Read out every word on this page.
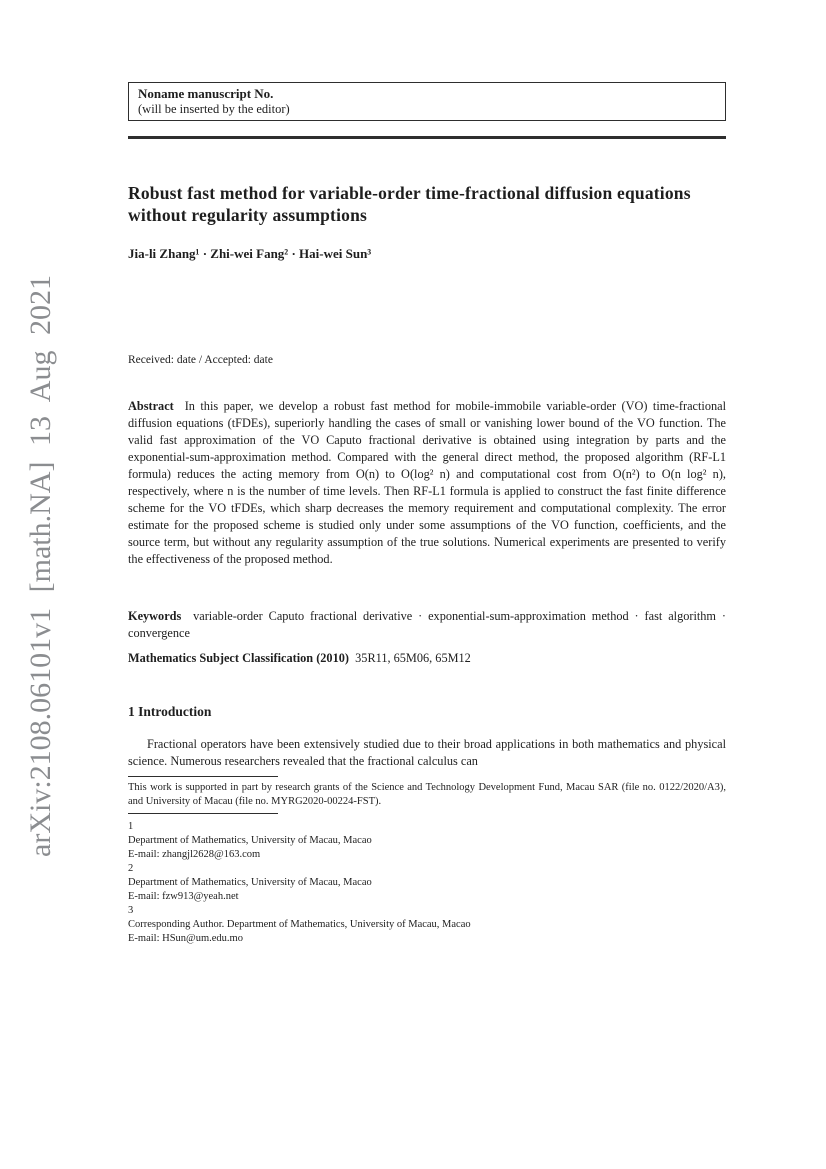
arXiv:2108.06101v1 [math.NA] 13 Aug 2021
Noname manuscript No.
(will be inserted by the editor)
Robust fast method for variable-order time-fractional diffusion equations without regularity assumptions
Jia-li Zhang¹ · Zhi-wei Fang² · Hai-wei Sun³
Received: date / Accepted: date
Abstract In this paper, we develop a robust fast method for mobile-immobile variable-order (VO) time-fractional diffusion equations (tFDEs), superiorly handling the cases of small or vanishing lower bound of the VO function. The valid fast approximation of the VO Caputo fractional derivative is obtained using integration by parts and the exponential-sum-approximation method. Compared with the general direct method, the proposed algorithm (RF-L1 formula) reduces the acting memory from O(n) to O(log² n) and computational cost from O(n²) to O(n log² n), respectively, where n is the number of time levels. Then RF-L1 formula is applied to construct the fast finite difference scheme for the VO tFDEs, which sharp decreases the memory requirement and computational complexity. The error estimate for the proposed scheme is studied only under some assumptions of the VO function, coefficients, and the source term, but without any regularity assumption of the true solutions. Numerical experiments are presented to verify the effectiveness of the proposed method.
Keywords variable-order Caputo fractional derivative · exponential-sum-approximation method · fast algorithm · convergence
Mathematics Subject Classification (2010) 35R11, 65M06, 65M12
1 Introduction
Fractional operators have been extensively studied due to their broad applications in both mathematics and physical science. Numerous researchers revealed that the fractional calculus can
This work is supported in part by research grants of the Science and Technology Development Fund, Macau SAR (file no. 0122/2020/A3), and University of Macau (file no. MYRG2020-00224-FST).
1
Department of Mathematics, University of Macau, Macao
E-mail: zhangjl2628@163.com
2
Department of Mathematics, University of Macau, Macao
E-mail: fzw913@yeah.net
3
Corresponding Author. Department of Mathematics, University of Macau, Macao
E-mail: HSun@um.edu.mo
